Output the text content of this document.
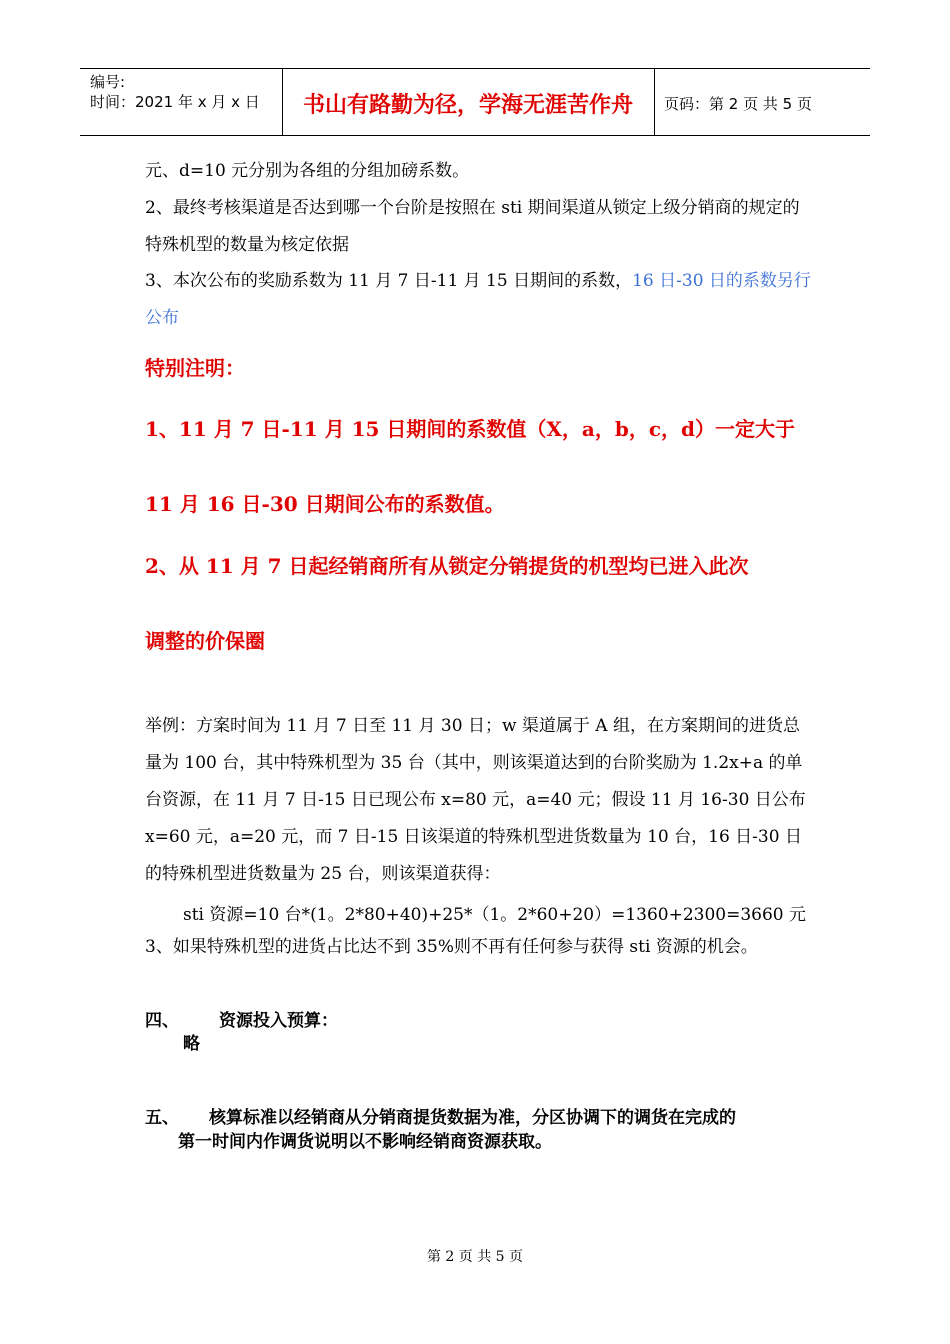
编号:
时间：2021 年 x 月 x 日	书山有路勤为径，学海无涯苦作舟	页码：第 2 页 共 5 页
元、d=10 元分别为各组的分组加磅系数。
2、最终考核渠道是否达到哪一个台阶是按照在 sti 期间渠道从锁定上级分销商的规定的特殊机型的数量为核定依据
3、本次公布的奖励系数为 11 月 7 日-11 月 15 日期间的系数，16 日-30 日的系数另行公布
特别注明：
1、11 月 7 日-11 月 15 日期间的系数值（X，a，b，c，d）一定大于
11 月 16 日-30 日期间公布的系数值。
2、从 11 月 7 日起经销商所有从锁定分销提货的机型均已进入此次
调整的价保圈
举例：方案时间为 11 月 7 日至 11 月 30 日；w 渠道属于 A 组，在方案期间的进货总量为 100 台，其中特殊机型为 35 台（其中，则该渠道达到的台阶奖励为 1.2x+a 的单台资源，在 11 月 7 日-15 日已现公布 x=80 元，a=40 元；假设 11 月 16-30 日公布 x=60 元，a=20 元，而 7 日-15 日该渠道的特殊机型进货数量为 10 台，16 日-30 日的特殊机型进货数量为 25 台，则该渠道获得：
sti 资源=10 台*(1。2*80+40)+25*（1。2*60+20）=1360+2300=3660 元
3、如果特殊机型的进货占比达不到 35%则不再有任何参与获得 sti 资源的机会。
四、 资源投入预算：
略
五、 核算标准以经销商从分销商提货数据为准，分区协调下的调货在完成的
第一时间内作调货说明以不影响经销商资源获取。
第 2 页 共 5 页
